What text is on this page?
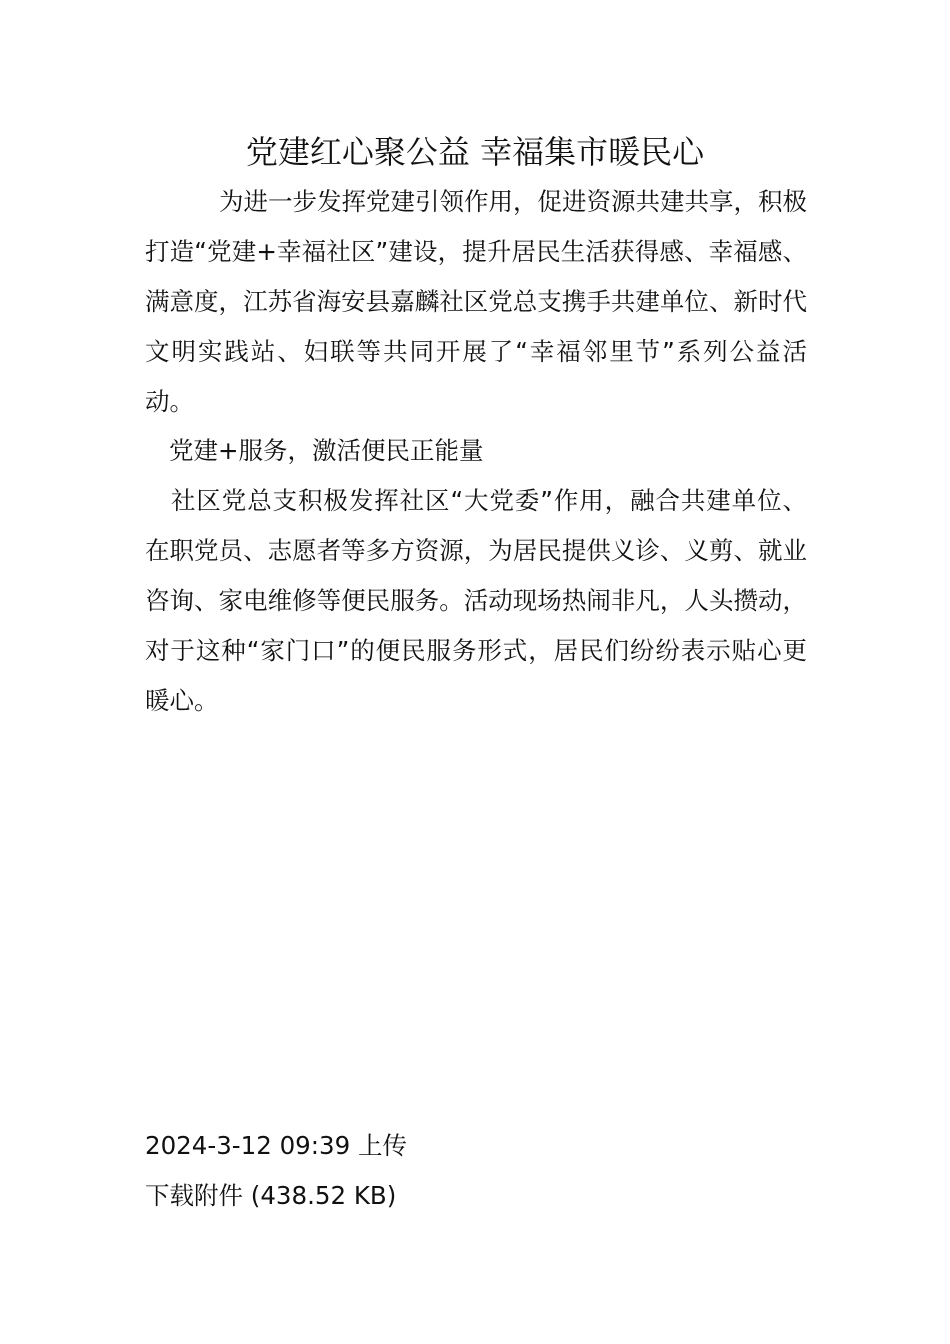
党建红心聚公益 幸福集市暖民心

为进一步发挥党建引领作用，促进资源共建共享，积极打造“党建+幸福社区”建设，提升居民生活获得感、幸福感、满意度，江苏省海安县嘉麟社区党总支携手共建单位、新时代文明实践站、妇联等共同开展了“幸福邻里节”系列公益活动。

党建+服务，激活便民正能量

社区党总支积极发挥社区“大党委”作用，融合共建单位、在职党员、志愿者等多方资源，为居民提供义诊、义剪、就业咨询、家电维修等便民服务。活动现场热闹非凡，人头攒动，对于这种“家门口”的便民服务形式，居民们纷纷表示贴心更暖心。

2024-3-12 09:39 上传

下载附件 (438.52 KB)
